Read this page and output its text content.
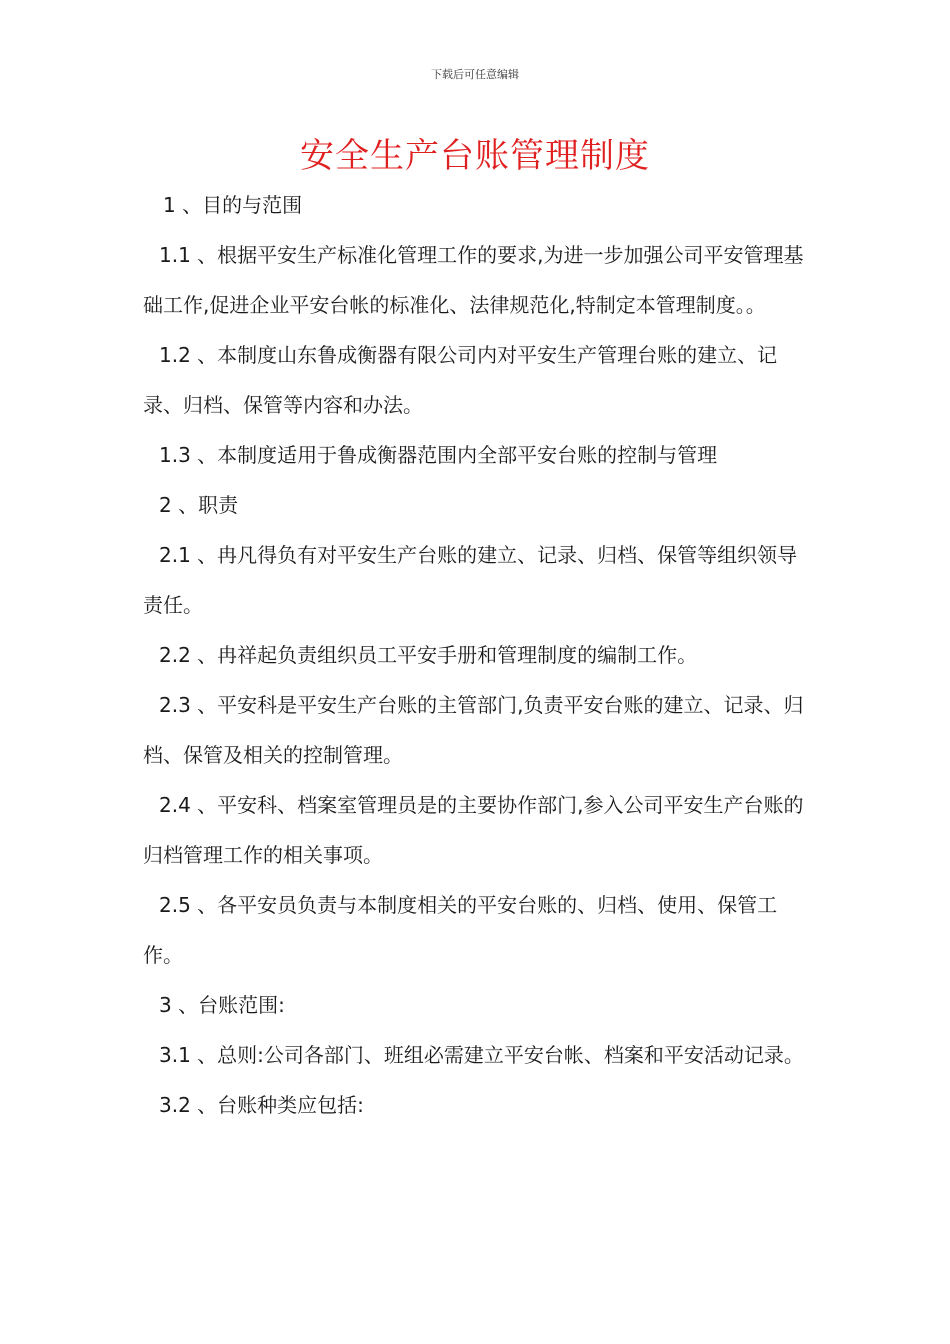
下载后可任意编辑
安全生产台账管理制度

1 、目的与范围

1.1 、根据平安生产标准化管理工作的要求,为进一步加强公司平安管理基础工作,促进企业平安台帐的标准化、法律规范化,特制定本管理制度。。

1.2 、本制度山东鲁成衡器有限公司内对平安生产管理台账的建立、记录、归档、保管等内容和办法。

1.3 、本制度适用于鲁成衡器范围内全部平安台账的控制与管理

2 、职责

2.1 、冉凡得负有对平安生产台账的建立、记录、归档、保管等组织领导责任。

2.2 、冉祥起负责组织员工平安手册和管理制度的编制工作。

2.3 、平安科是平安生产台账的主管部门,负责平安台账的建立、记录、归档、保管及相关的控制管理。

2.4 、平安科、档案室管理员是的主要协作部门,参入公司平安生产台账的归档管理工作的相关事项。

2.5 、各平安员负责与本制度相关的平安台账的、归档、使用、保管工作。

3 、台账范围:

3.1 、总则:公司各部门、班组必需建立平安台帐、档案和平安活动记录。

3.2 、台账种类应包括:
